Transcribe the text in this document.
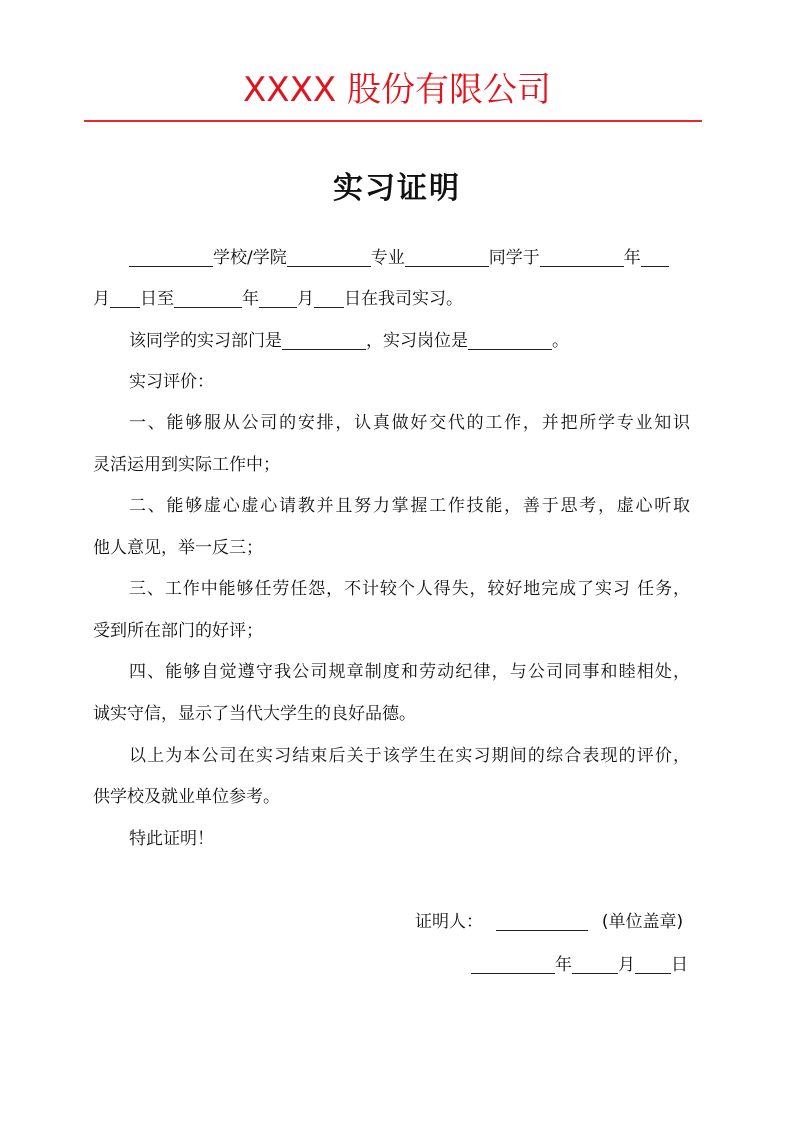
XXXX 股份有限公司
实习证明
学校/学院	专业	同学于	年
月 日至	年 月 日在我司实习。
该同学的实习部门是	，实习岗位是	。
实习评价：
一、能够服从公司的安排，认真做好交代的工作，并把所学专业知识
灵活运用到实际工作中；
二、能够虚心虚心请教并且努力掌握工作技能，善于思考，虚心听取
他人意见，举一反三；
三、工作中能够任劳任怨，不计较个人得失，较好地完成了实习 任务，
受到所在部门的好评；
四、能够自觉遵守我公司规章制度和劳动纪律，与公司同事和睦相处，
诚实守信，显示了当代大学生的良好品德。
以上为本公司在实习结束后关于该学生在实习期间的综合表现的评价，
供学校及就业单位参考。
特此证明！
证明人：	(单位盖章)
年	月 日
